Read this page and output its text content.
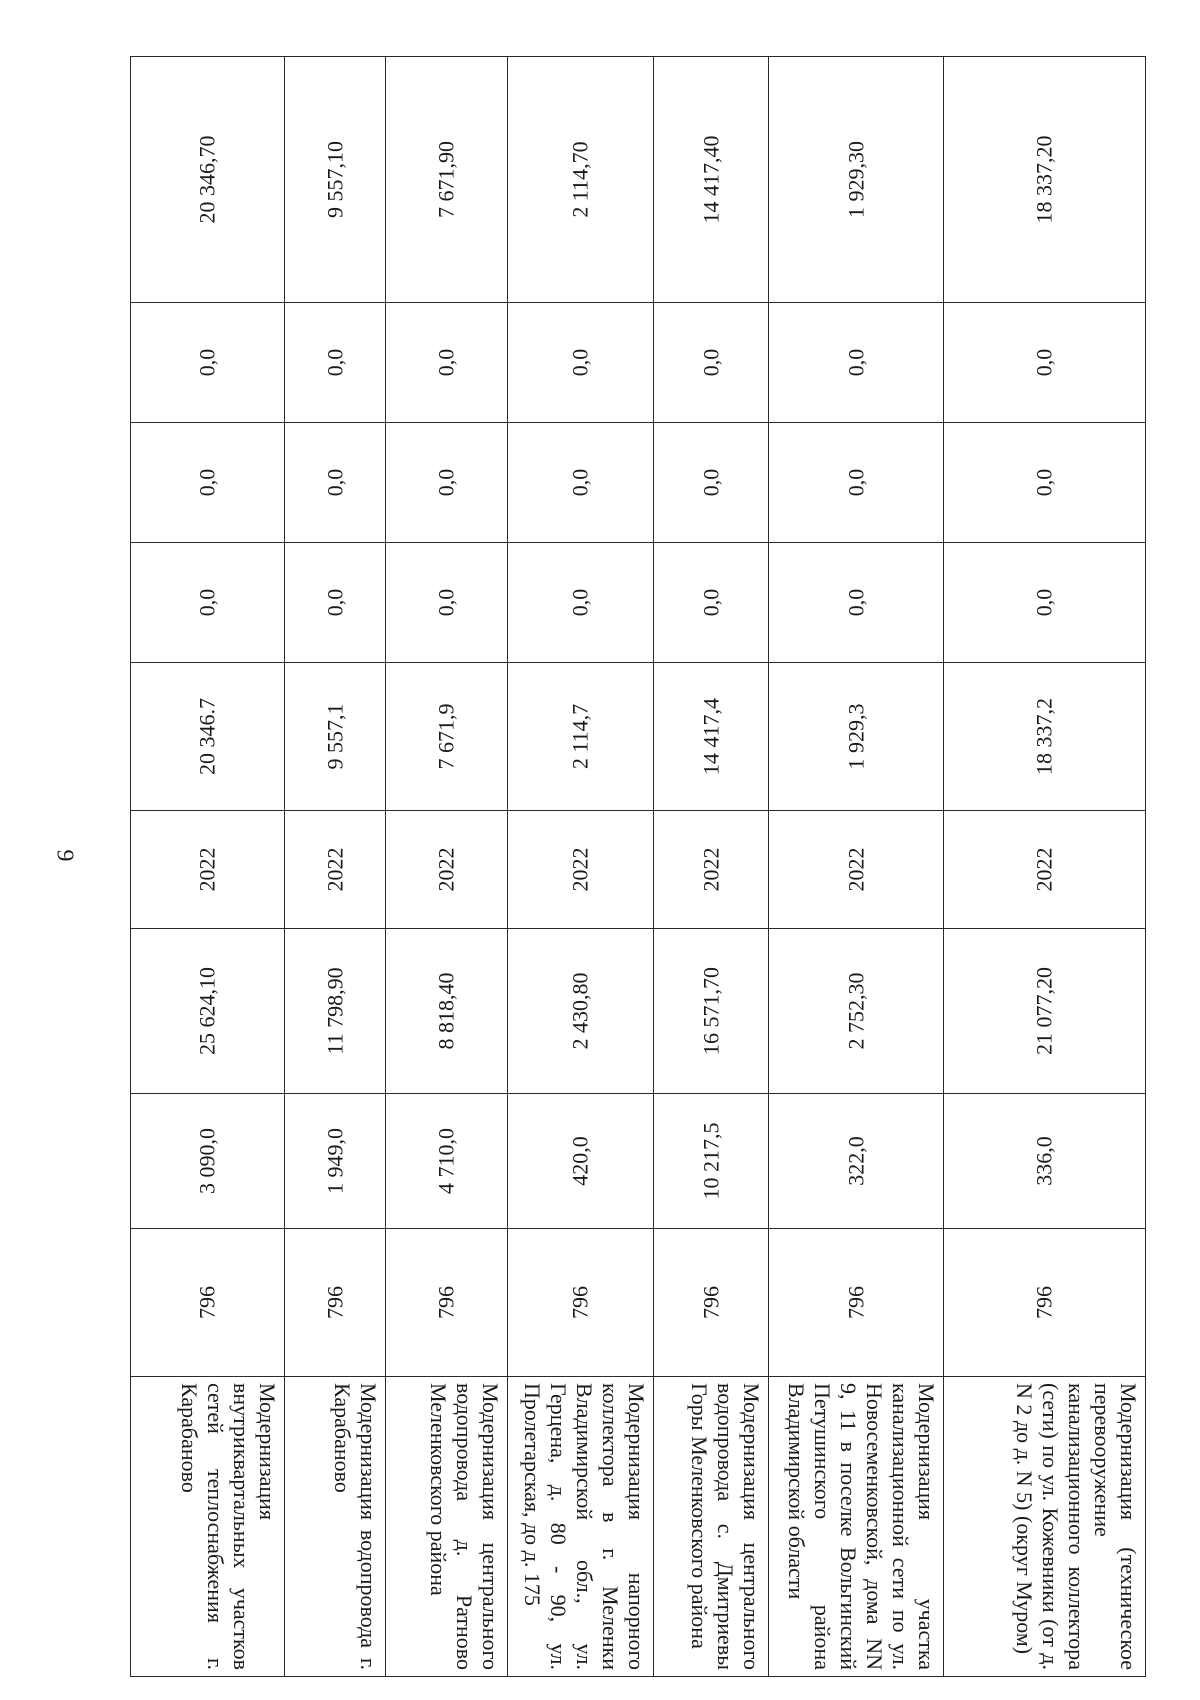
9
18 337,20	0,0	0,0	0,0	18 337,2	2022	21 077,20	336,0	796	Модернизация (техническое перевооружение канализационного коллектора (сети) по ул. Кожевники (от д. N 2 до д. N 5) (округ Муром)

1 929,30	0,0	0,0	0,0	1 929,3	2022	2 752,30	322,0	796	Модернизация участка канализационной сети по ул. Новосеменковской, дома NN 9, 11 в поселке Вольгинский Петушинского района Владимирской области

14 417,40	0,0	0,0	0,0	14 417,4	2022	16 571,70	10 217,5	796	Модернизация центрального водопровода с. Дмитриевы Горы Меленковского района

2 114,70	0,0	0,0	0,0	2 114,7	2022	2 430,80	420,0	796	Модернизация напорного коллектора в г. Меленки Владимирской обл., ул. Герцена, д. 80 - 90, ул. Пролетарская, до д. 175

7 671,90	0,0	0,0	0,0	7 671,9	2022	8 818,40	4 710,0	796	Модернизация центрального водопровода д. Ратново Меленковского района

9 557,10	0,0	0,0	0,0	9 557,1	2022	11 798,90	1 949,0	796	Модернизация водопровода г. Карабаново

20 346,70	0,0	0,0	0,0	20 346.7	2022	25 624,10	3 090,0	796	Модернизация внутриквартальных участков сетей теплоснабжения г. Карабаново
